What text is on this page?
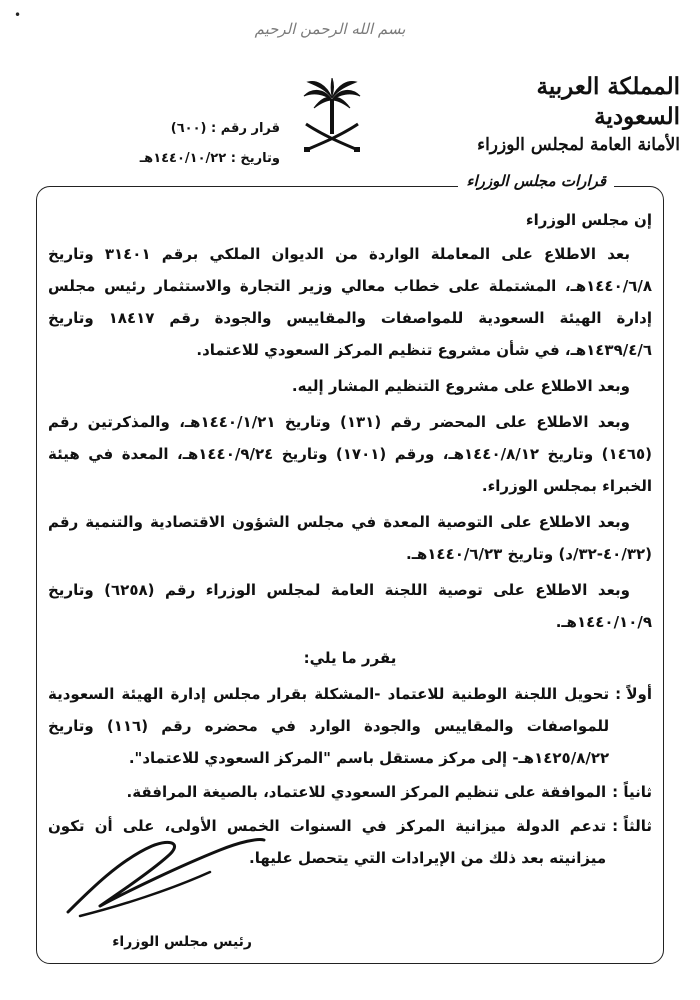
•
بسم الله الرحمن الرحيم
المملكة العربية السعودية
الأمانة العامة لمجلس الوزراء
قرار رقم : (٦٠٠)
وتاريخ : ١٤٤٠/١٠/٢٢هـ
قرارات مجلس الوزراء

إن مجلس الوزراء

بعد الاطلاع على المعاملة الواردة من الديوان الملكي برقم ٣١٤٠١ وتاريخ ١٤٤٠/٦/٨هـ، المشتملة على خطاب معالي وزير التجارة والاستثمار رئيس مجلس إدارة الهيئة السعودية للمواصفات والمقاييس والجودة رقم ١٨٤١٧ وتاريخ ١٤٣٩/٤/٦هـ، في شأن مشروع تنظيم المركز السعودي للاعتماد.

وبعد الاطلاع على مشروع التنظيم المشار إليه.

وبعد الاطلاع على المحضر رقم (١٣١) وتاريخ ١٤٤٠/١/٢١هـ، والمذكرتين رقم (١٤٦٥) وتاريخ ١٤٤٠/٨/١٢هـ، ورقم (١٧٠١) وتاريخ ١٤٤٠/٩/٢٤هـ، المعدة في هيئة الخبراء بمجلس الوزراء.

وبعد الاطلاع على التوصية المعدة في مجلس الشؤون الاقتصادية والتنمية رقم (٤٠/٣٢-٣٢/د) وتاريخ ١٤٤٠/٦/٢٣هـ.

وبعد الاطلاع على توصية اللجنة العامة لمجلس الوزراء رقم (٦٢٥٨) وتاريخ ١٤٤٠/١٠/٩هـ.

يقرر ما يلي:

أولاً :
تحويل اللجنة الوطنية للاعتماد -المشكلة بقرار مجلس إدارة الهيئة السعودية للمواصفات والمقاييس والجودة الوارد في محضره رقم (١١٦) وتاريخ ١٤٢٥/٨/٢٢هـ- إلى مركز مستقل باسم "المركز السعودي للاعتماد".
ثانياً :
الموافقة على تنظيم المركز السعودي للاعتماد، بالصيغة المرافقة.
ثالثاً :
تدعم الدولة ميزانية المركز في السنوات الخمس الأولى، على أن تكون ميزانيته بعد ذلك من الإيرادات التي يتحصل عليها.
رئيس مجلس الوزراء
